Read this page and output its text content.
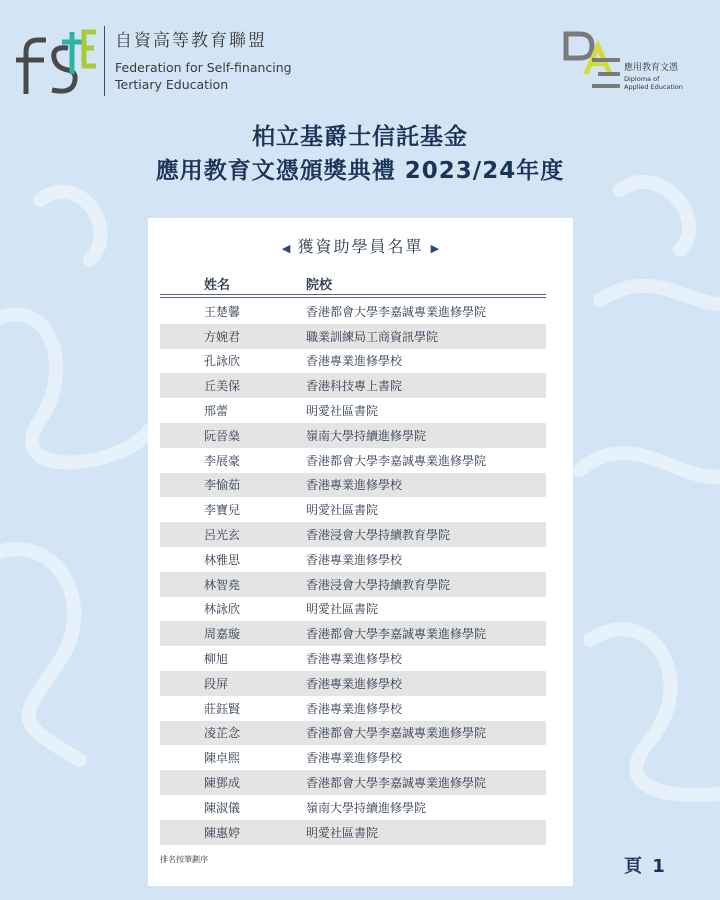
自資高等教育聯盟
Federation for Self-financing
Tertiary Education
應用教育文憑
Diploma of
Applied Education
柏立基爵士信託基金
應用教育文憑頒獎典禮 2023/24年度
◀ 獲資助學員名單 ▶
姓名	院校
王楚馨	香港都會大學李嘉誠專業進修學院
方婉君	職業訓練局工商資訊學院
孔詠欣	香港專業進修學校
丘美保	香港科技專上書院
邢蕾	明愛社區書院
阮晉燊	嶺南大學持續進修學院
李展豪	香港都會大學李嘉誠專業進修學院
李愉茹	香港專業進修學校
李寶兒	明愛社區書院
呂光玄	香港浸會大學持續教育學院
林雅思	香港專業進修學校
林智堯	香港浸會大學持續教育學院
林詠欣	明愛社區書院
周嘉璇	香港都會大學李嘉誠專業進修學院
柳旭	香港專業進修學校
段屏	香港專業進修學校
莊鈺賢	香港專業進修學校
凌芷念	香港都會大學李嘉誠專業進修學院
陳卓熙	香港專業進修學校
陳鄧成	香港都會大學李嘉誠專業進修學院
陳淑儀	嶺南大學持續進修學院
陳惠婷	明愛社區書院
排名按筆劃序	頁 1
